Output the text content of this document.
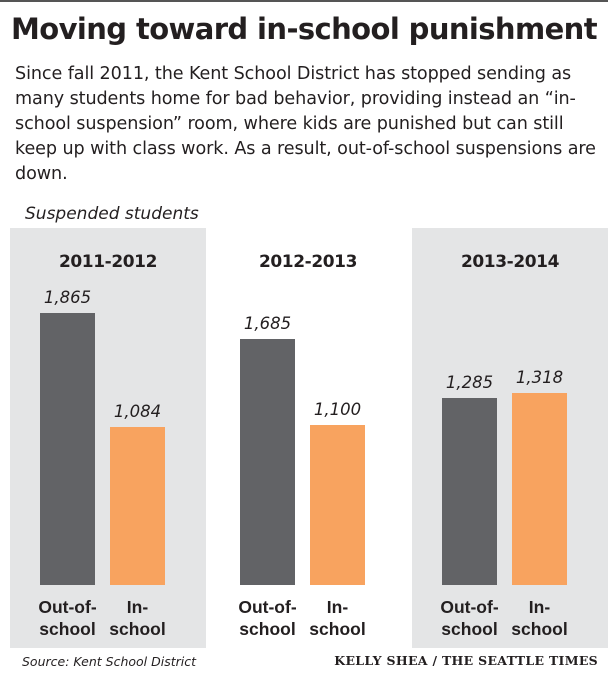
Moving toward in-school punishment

Since fall 2011, the Kent School District has stopped sending as many students home for bad behavior, providing instead an “in-school suspension” room, where kids are punished but can still keep up with class work. As a result, out-of-school suspensions are down.

Suspended students

2011-2012
1,865
Out-of-
school
1,084
In-
school
2012-2013
1,685
Out-of-
school
1,100
In-
school
2013-2014
1,285
Out-of-
school
1,318
In-
school
Source: Kent School District	KELLY SHEA / THE SEATTLE TIMES
